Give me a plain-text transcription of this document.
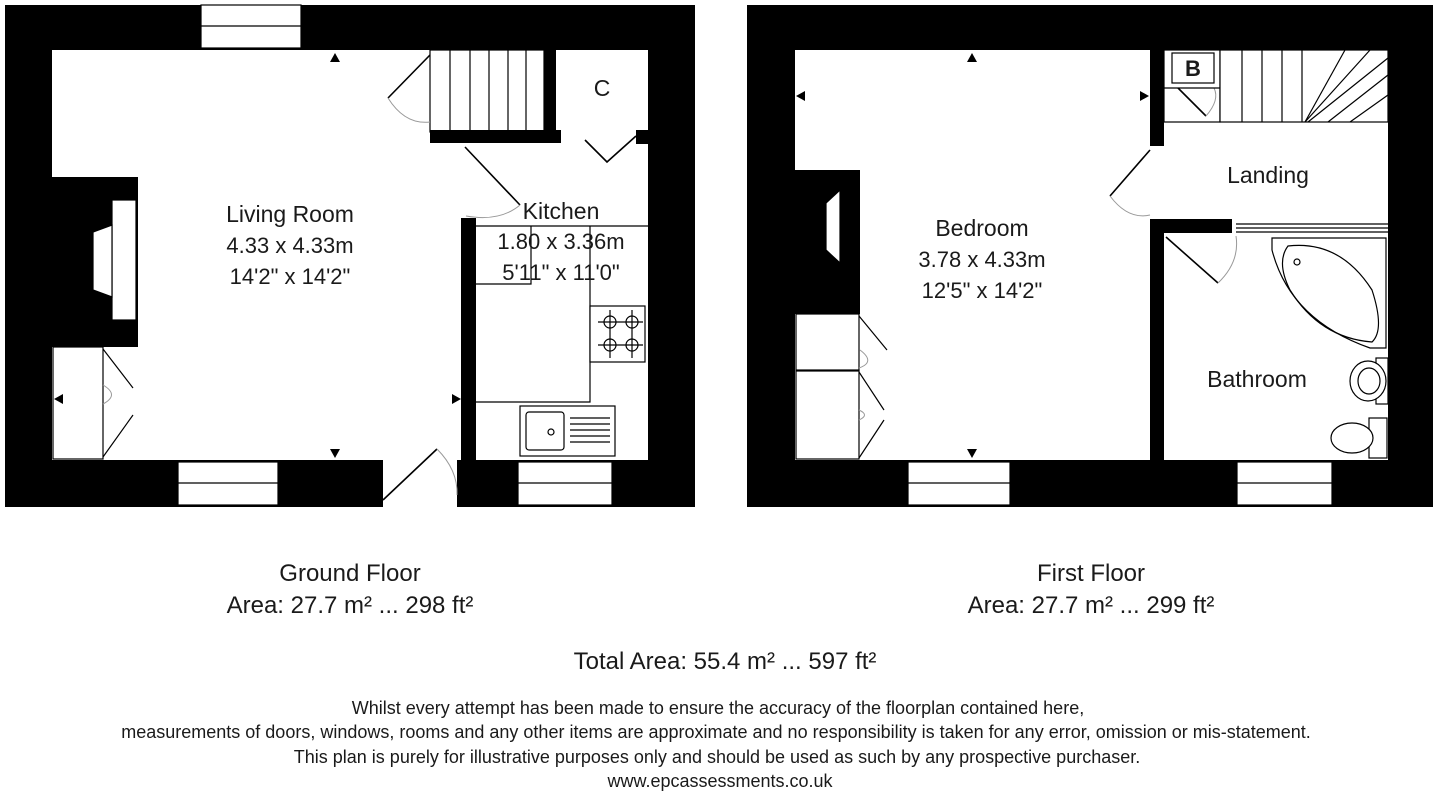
Living Room
4.33 x 4.33m
14'2" x 14'2"
Kitchen
1.80 x 3.36m
5'11" x 11'0"
C
Bedroom
3.78 x 4.33m
12'5" x 14'2"
Landing
Bathroom
B
Ground Floor
Area: 27.7 m² ... 298 ft²
First Floor
Area: 27.7 m² ... 299 ft²
Total Area: 55.4 m² ... 597 ft²
Whilst every attempt has been made to ensure the accuracy of the floorplan contained here,
measurements of doors, windows, rooms and any other items are approximate and no responsibility is taken for any error, omission or mis-statement.
This plan is purely for illustrative purposes only and should be used as such by any prospective purchaser.
www.epcassessments.co.uk
